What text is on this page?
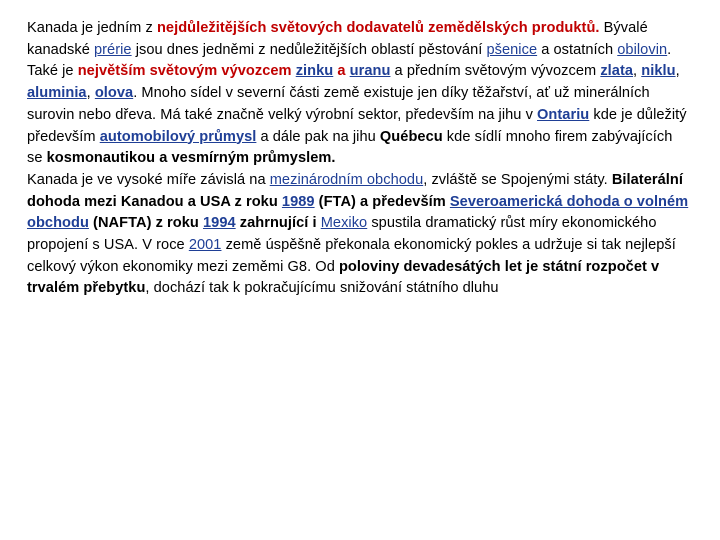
Kanada je jedním z nejdůležitějších světových dodavatelů zemědělských produktů. Bývalé kanadské prérie jsou dnes jedněmi z nedůležitějších oblastí pěstování pšenice a ostatních obilovin. Také je největším světovým vývozcem zinku a uranu a předním světovým vývozcem zlata, niklu, aluminia, olova. Mnoho sídel v severní části země existuje jen díky těžařství, ať už minerálních surovin nebo dřeva. Má také značně velký výrobní sektor, především na jihu v Ontariu kde je důležitý především automobilový průmysl a dále pak na jihu Québecu kde sídlí mnoho firem zabývajících se kosmonautikou a vesmírným průmyslem.

Kanada je ve vysoké míře závislá na mezinárodním obchodu, zvláště se Spojenými státy. Bilaterální dohoda mezi Kanadou a USA z roku 1989 (FTA) a především Severoamerická dohoda o volném obchodu (NAFTA) z roku 1994 zahrnující i Mexiko spustila dramatický růst míry ekonomického propojení s USA. V roce 2001 země úspěšně překonala ekonomický pokles a udržuje si tak nejlepší celkový výkon ekonomiky mezi zeměmi G8. Od poloviny devadesátých let je státní rozpočet v trvalém přebytku, dochází tak k pokračujícímu snižování státního dluhu
